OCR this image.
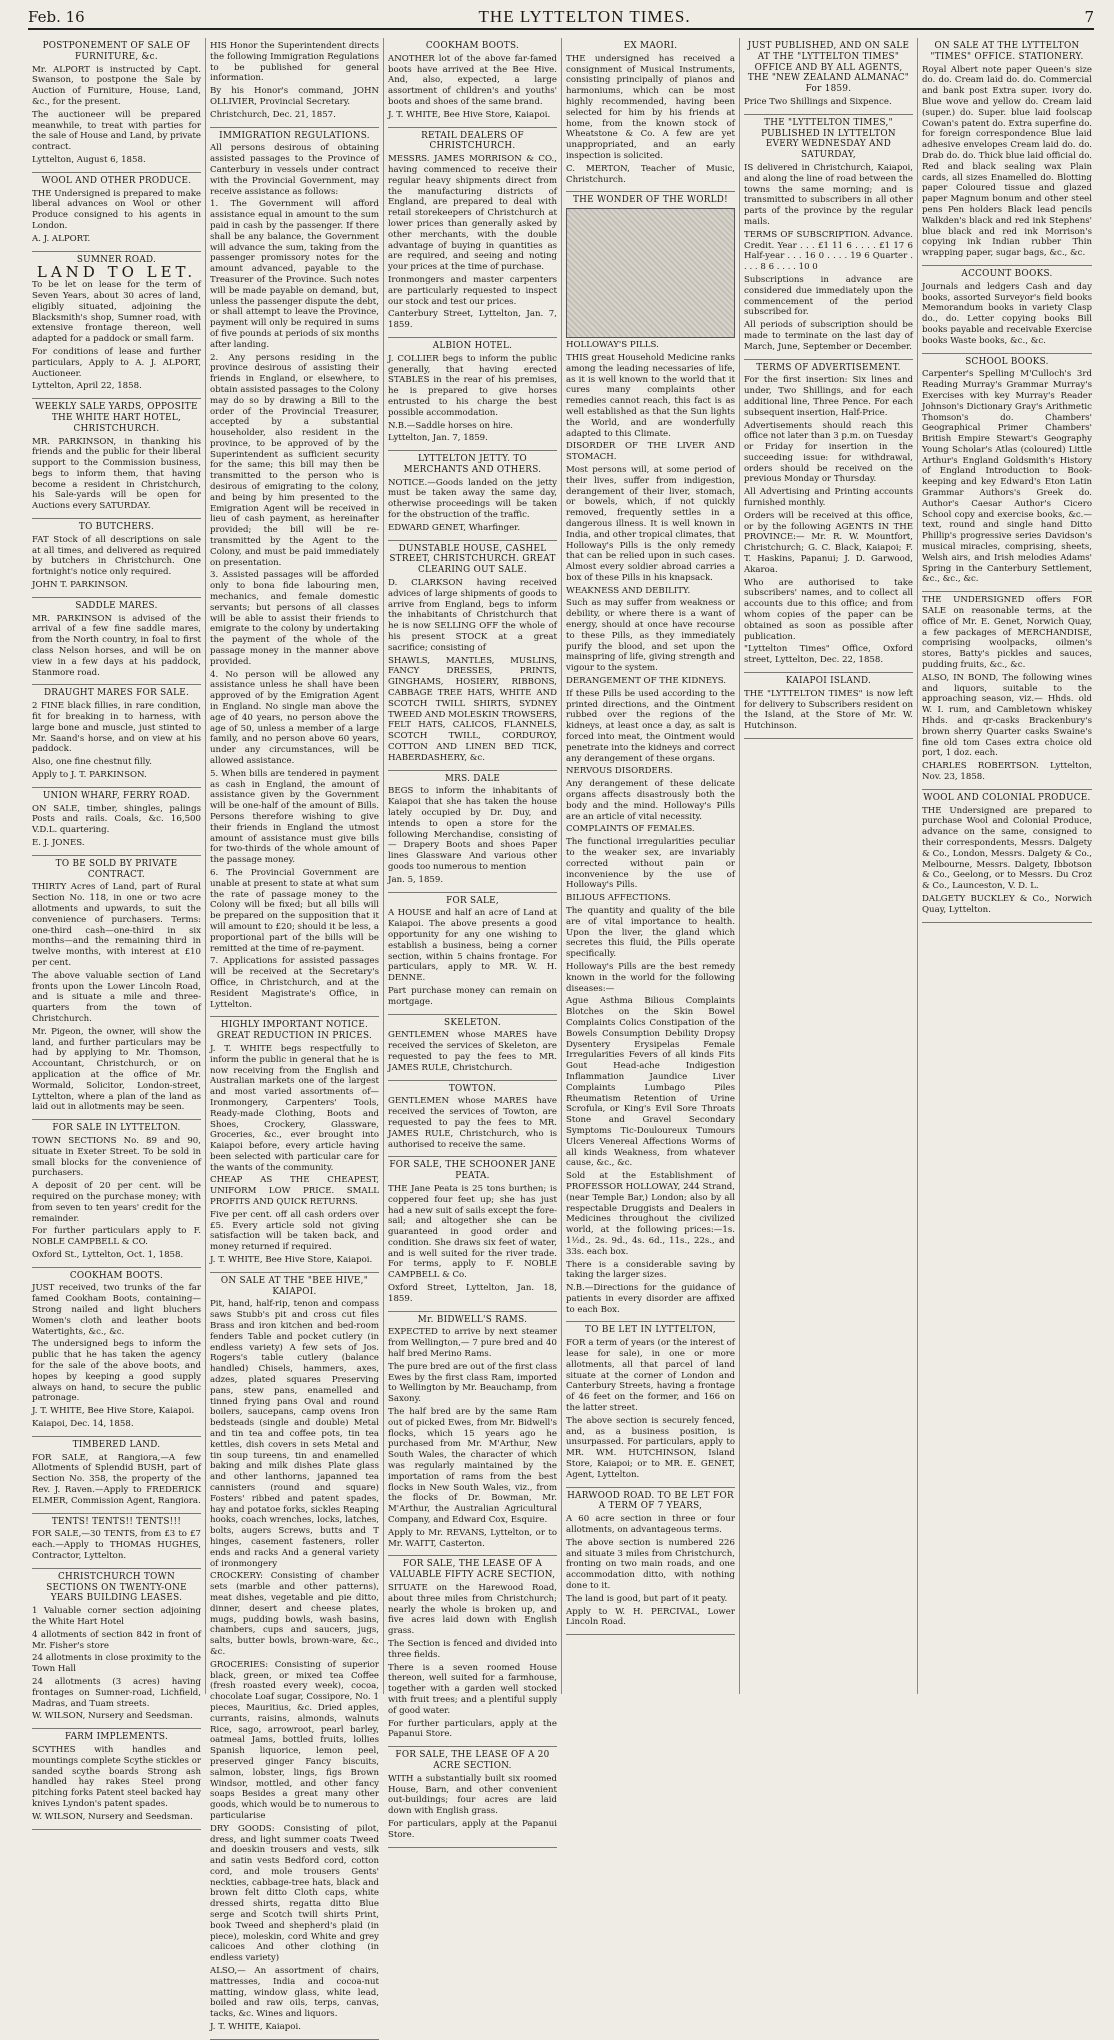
Feb. 16	THE LYTTELTON TIMES.	7
POSTPONEMENT OF SALE OF FURNITURE, &c.

Mr. ALPORT is instructed by Capt. Swanson, to postpone the Sale by Auction of Furniture, House, Land, &c., for the present.

The auctioneer will be prepared meanwhile, to treat with parties for the sale of House and Land, by private contract.

Lyttelton, August 6, 1858.

WOOL AND OTHER PRODUCE.

THE Undersigned is prepared to make liberal advances on Wool or other Produce consigned to his agents in London.

A. J. ALPORT.

SUMNER ROAD.

LAND TO LET.

To be let on lease for the term of Seven Years, about 30 acres of land, eligibly situated, adjoining the Blacksmith's shop, Sumner road, with extensive frontage thereon, well adapted for a paddock or small farm.

For conditions of lease and further particulars, Apply to A. J. ALPORT, Auctioneer.

Lyttelton, April 22, 1858.

WEEKLY SALE YARDS, OPPOSITE THE WHITE HART HOTEL, CHRISTCHURCH.

MR. PARKINSON, in thanking his friends and the public for their liberal support to the Commission business, begs to inform them, that having become a resident in Christchurch, his Sale-yards will be open for Auctions every SATURDAY.

TO BUTCHERS.

FAT Stock of all descriptions on sale at all times, and delivered as required by butchers in Christchurch. One fortnight's notice only required.

JOHN T. PARKINSON.

SADDLE MARES.

MR. PARKINSON is advised of the arrival of a few fine saddle mares, from the North country, in foal to first class Nelson horses, and will be on view in a few days at his paddock, Stanmore road.

DRAUGHT MARES FOR SALE.

2 FINE black fillies, in rare condition, fit for breaking in to harness, with large bone and muscle, just stinted to Mr. Saand's horse, and on view at his paddock.

Also, one fine chestnut filly.

Apply to J. T. PARKINSON.

UNION WHARF, FERRY ROAD.

ON SALE, timber, shingles, palings Posts and rails. Coals, &c. 16,500 V.D.L. quartering.

E. J. JONES.

TO BE SOLD BY PRIVATE CONTRACT.

THIRTY Acres of Land, part of Rural Section No. 118, in one or two acre allotments and upwards, to suit the convenience of purchasers. Terms: one-third cash—one-third in six months—and the remaining third in twelve months, with interest at £10 per cent.

The above valuable section of Land fronts upon the Lower Lincoln Road, and is situate a mile and three-quarters from the town of Christchurch.

Mr. Pigeon, the owner, will show the land, and further particulars may be had by applying to Mr. Thomson, Accountant, Christchurch, or on application at the office of Mr. Wormald, Solicitor, London-street, Lyttelton, where a plan of the land as laid out in allotments may be seen.

FOR SALE IN LYTTELTON.

TOWN SECTIONS No. 89 and 90, situate in Exeter Street. To be sold in small blocks for the convenience of purchasers.

A deposit of 20 per cent. will be required on the purchase money; with from seven to ten years' credit for the remainder.

For further particulars apply to F. NOBLE CAMPBELL & CO.

Oxford St., Lyttelton, Oct. 1, 1858.

COOKHAM BOOTS.

JUST received, two trunks of the far famed Cookham Boots, containing— Strong nailed and light bluchers Women's cloth and leather boots Watertights, &c., &c.

The undersigned begs to inform the public that he has taken the agency for the sale of the above boots, and hopes by keeping a good supply always on hand, to secure the public patronage.

J. T. WHITE, Bee Hive Store, Kaiapoi.

Kaiapoi, Dec. 14, 1858.

TIMBERED LAND.

FOR SALE, at Rangiora,—A few Allotments of Splendid BUSH, part of Section No. 358, the property of the Rev. J. Raven.—Apply to FREDERICK ELMER, Commission Agent, Rangiora.

TENTS! TENTS!! TENTS!!!

FOR SALE,—30 TENTS, from £3 to £7 each.—Apply to THOMAS HUGHES, Contractor, Lyttelton.

CHRISTCHURCH TOWN SECTIONS ON TWENTY-ONE YEARS BUILDING LEASES.

1 Valuable corner section adjoining the White Hart Hotel

4 allotments of section 842 in front of Mr. Fisher's store

24 allotments in close proximity to the Town Hall

24 allotments (3 acres) having frontages on Sumner-road, Lichfield, Madras, and Tuam streets.

W. WILSON, Nursery and Seedsman.

FARM IMPLEMENTS.

SCYTHES with handles and mountings complete Scythe stickles or sanded scythe boards Strong ash handled hay rakes Steel prong pitching forks Patent steel backed hay knives Lyndon's patent spades.

W. WILSON, Nursery and Seedsman.

HIS Honor the Superintendent directs the following Immigration Regulations to be published for general information.

By his Honor's command, JOHN OLLIVIER, Provincial Secretary.

Christchurch, Dec. 21, 1857.

IMMIGRATION REGULATIONS.

All persons desirous of obtaining assisted passages to the Province of Canterbury in vessels under contract with the Provincial Government, may receive assistance as follows:

1. The Government will afford assistance equal in amount to the sum paid in cash by the passenger. If there shall be any balance, the Government will advance the sum, taking from the passenger promissory notes for the amount advanced, payable to the Treasurer of the Province. Such notes will be made payable on demand, but, unless the passenger dispute the debt, or shall attempt to leave the Province, payment will only be required in sums of five pounds at periods of six months after landing.

2. Any persons residing in the province desirous of assisting their friends in England, or elsewhere, to obtain assisted passages to the Colony may do so by drawing a Bill to the order of the Provincial Treasurer, accepted by a substantial householder, also resident in the province, to be approved of by the Superintendent as sufficient security for the same; this bill may then be transmitted to the person who is desirous of emigrating to the colony, and being by him presented to the Emigration Agent will be received in lieu of cash payment, as hereinafter provided; the bill will be re-transmitted by the Agent to the Colony, and must be paid immediately on presentation.

3. Assisted passages will be afforded only to bona fide labouring men, mechanics, and female domestic servants; but persons of all classes will be able to assist their friends to emigrate to the colony by undertaking the payment of the whole of the passage money in the manner above provided.

4. No person will be allowed any assistance unless he shall have been approved of by the Emigration Agent in England. No single man above the age of 40 years, no person above the age of 50, unless a member of a large family, and no person above 60 years, under any circumstances, will be allowed assistance.

5. When bills are tendered in payment as cash in England, the amount of assistance given by the Government will be one-half of the amount of Bills. Persons therefore wishing to give their friends in England the utmost amount of assistance must give bills for two-thirds of the whole amount of the passage money.

6. The Provincial Government are unable at present to state at what sum the rate of passage money to the Colony will be fixed; but all bills will be prepared on the supposition that it will amount to £20; should it be less, a proportional part of the bills will be remitted at the time of re-payment.

7. Applications for assisted passages will be received at the Secretary's Office, in Christchurch, and at the Resident Magistrate's Office, in Lyttelton.

HIGHLY IMPORTANT NOTICE. GREAT REDUCTION IN PRICES.

J. T. WHITE begs respectfully to inform the public in general that he is now receiving from the English and Australian markets one of the largest and most varied assortments of— Ironmongery, Carpenters' Tools, Ready-made Clothing, Boots and Shoes, Crockery, Glassware, Groceries, &c., ever brought into Kaiapoi before, every article having been selected with particular care for the wants of the community.

CHEAP AS THE CHEAPEST, UNIFORM LOW PRICE. SMALL PROFITS AND QUICK RETURNS.

Five per cent. off all cash orders over £5. Every article sold not giving satisfaction will be taken back, and money returned if required.

J. T. WHITE, Bee Hive Store, Kaiapoi.

ON SALE AT THE "BEE HIVE," KAIAPOI.

Pit, hand, half-rip, tenon and compass saws Stubb's pit and cross cut files Brass and iron kitchen and bed-room fenders Table and pocket cutlery (in endless variety) A few sets of Jos. Rogers's table cutlery (balance handled) Chisels, hammers, axes, adzes, plated squares Preserving pans, stew pans, enamelled and tinned frying pans Oval and round boilers, saucepans, camp ovens Iron bedsteads (single and double) Metal and tin tea and coffee pots, tin tea kettles, dish covers in sets Metal and tin soup tureens, tin and enamelled baking and milk dishes Plate glass and other lanthorns, japanned tea cannisters (round and square) Fosters' ribbed and patent spades, hay and potatoe forks, sickles Reaping hooks, coach wrenches, locks, latches, bolts, augers Screws, butts and T hinges, casement fasteners, roller ends and racks And a general variety of ironmongery

CROCKERY: Consisting of chamber sets (marble and other patterns), meat dishes, vegetable and pie ditto, dinner, desert and cheese plates, mugs, pudding bowls, wash basins, chambers, cups and saucers, jugs, salts, butter bowls, brown-ware, &c., &c.

GROCERIES: Consisting of superior black, green, or mixed tea Coffee (fresh roasted every week), cocoa, chocolate Loaf sugar, Cossipore, No. 1 pieces, Mauritius, &c. Dried apples, currants, raisins, almonds, walnuts Rice, sago, arrowroot, pearl barley, oatmeal Jams, bottled fruits, lollies Spanish liquorice, lemon peel, preserved ginger Fancy biscuits, salmon, lobster, lings, figs Brown Windsor, mottled, and other fancy soaps Besides a great many other goods, which would be to numerous to particularise

DRY GOODS: Consisting of pilot, dress, and light summer coats Tweed and doeskin trousers and vests, silk and satin vests Bedford cord, cotton cord, and mole trousers Gents' neckties, cabbage-tree hats, black and brown felt ditto Cloth caps, white dressed shirts, regatta ditto Blue serge and Scotch twill shirts Print, book Tweed and shepherd's plaid (in piece), moleskin, cord White and grey calicoes And other clothing (in endless variety)

ALSO,— An assortment of chairs, mattresses, India and cocoa-nut matting, window glass, white lead, boiled and raw oils, terps, canvas, tacks, &c. Wines and liquors.

J. T. WHITE, Kaiapoi.

COOKHAM BOOTS.

ANOTHER lot of the above far-famed boots have arrived at the Bee Hive. And, also, expected, a large assortment of children's and youths' boots and shoes of the same brand.

J. T. WHITE, Bee Hive Store, Kaiapoi.

RETAIL DEALERS OF CHRISTCHURCH.

MESSRS. JAMES MORRISON & CO., having commenced to receive their regular heavy shipments direct from the manufacturing districts of England, are prepared to deal with retail storekeepers of Christchurch at lower prices than generally asked by other merchants, with the double advantage of buying in quantities as are required, and seeing and noting your prices at the time of purchase.

Ironmongers and master carpenters are particularly requested to inspect our stock and test our prices.

Canterbury Street, Lyttelton, Jan. 7, 1859.

ALBION HOTEL.

J. COLLIER begs to inform the public generally, that having erected STABLES in the rear of his premises, he is prepared to give horses entrusted to his charge the best possible accommodation.

N.B.—Saddle horses on hire.

Lyttelton, Jan. 7, 1859.

LYTTELTON JETTY. TO MERCHANTS AND OTHERS.

NOTICE.—Goods landed on the jetty must be taken away the same day, otherwise proceedings will be taken for the obstruction of the traffic.

EDWARD GENET, Wharfinger.

DUNSTABLE HOUSE, CASHEL STREET, CHRISTCHURCH. GREAT CLEARING OUT SALE.

D. CLARKSON having received advices of large shipments of goods to arrive from England, begs to inform the inhabitants of Christchurch that he is now SELLING OFF the whole of his present STOCK at a great sacrifice; consisting of

SHAWLS, MANTLES, MUSLINS, FANCY DRESSES, PRINTS, GINGHAMS, HOSIERY, RIBBONS, CABBAGE TREE HATS, WHITE AND SCOTCH TWILL SHIRTS, SYDNEY TWEED AND MOLESKIN TROWSERS, FELT HATS, CALICOS, FLANNELS, SCOTCH TWILL, CORDUROY, COTTON AND LINEN BED TICK, HABERDASHERY, &c.

MRS. DALE

BEGS to inform the inhabitants of Kaiapoi that she has taken the house lately occupied by Dr. Duy, and intends to open a store for the following Merchandise, consisting of— Drapery Boots and shoes Paper lines Glassware And various other goods too numerous to mention

Jan. 5, 1859.

FOR SALE,

A HOUSE and half an acre of Land at Kaiapoi. The above presents a good opportunity for any one wishing to establish a business, being a corner section, within 5 chains frontage. For particulars, apply to MR. W. H. DENNE.

Part purchase money can remain on mortgage.

SKELETON.

GENTLEMEN whose MARES have received the services of Skeleton, are requested to pay the fees to MR. JAMES RULE, Christchurch.

TOWTON.

GENTLEMEN whose MARES have received the services of Towton, are requested to pay the fees to MR. JAMES RULE, Christchurch, who is authorised to receive the same.

FOR SALE, THE SCHOONER JANE PEATA.

THE Jane Peata is 25 tons burthen; is coppered four feet up; she has just had a new suit of sails except the fore-sail; and altogether she can be guaranteed in good order and condition. She draws six feet of water, and is well suited for the river trade. For terms, apply to F. NOBLE CAMPBELL & Co.

Oxford Street, Lyttelton, Jan. 18, 1859.

Mr. BIDWELL'S RAMS.

EXPECTED to arrive by next steamer from Wellington,— 7 pure bred and 40 half bred Merino Rams.

The pure bred are out of the first class Ewes by the first class Ram, imported to Wellington by Mr. Beauchamp, from Saxony.

The half bred are by the same Ram out of picked Ewes, from Mr. Bidwell's flocks, which 15 years ago he purchased from Mr. M'Arthur, New South Wales, the character of which was regularly maintained by the importation of rams from the best flocks in New South Wales, viz., from the flocks of Dr. Bowman, Mr. M'Arthur, the Australian Agricultural Company, and Edward Cox, Esquire.

Apply to Mr. REVANS, Lyttelton, or to Mr. WAITT, Casterton.

FOR SALE, THE LEASE OF A VALUABLE FIFTY ACRE SECTION,

SITUATE on the Harewood Road, about three miles from Christchurch; nearly the whole is broken up, and five acres laid down with English grass.

The Section is fenced and divided into three fields.

There is a seven roomed House thereon, well suited for a farmhouse, together with a garden well stocked with fruit trees; and a plentiful supply of good water.

For further particulars, apply at the Papanui Store.

FOR SALE, THE LEASE OF A 20 ACRE SECTION.

WITH a substantially built six roomed House, Barn, and other convenient out-buildings; four acres are laid down with English grass.

For particulars, apply at the Papanui Store.

EX MAORI.

THE undersigned has received a consignment of Musical Instruments, consisting principally of pianos and harmoniums, which can be most highly recommended, having been selected for him by his friends at home, from the known stock of Wheatstone & Co. A few are yet unappropriated, and an early inspection is solicited.

C. MERTON, Teacher of Music, Christchurch.

THE WONDER OF THE WORLD!

HOLLOWAY'S PILLS.

THIS great Household Medicine ranks among the leading necessaries of life, as it is well known to the world that it cures many complaints other remedies cannot reach, this fact is as well established as that the Sun lights the World, and are wonderfully adapted to this Climate.

DISORDER OF THE LIVER AND STOMACH.

Most persons will, at some period of their lives, suffer from indigestion, derangement of their liver, stomach, or bowels, which, if not quickly removed, frequently settles in a dangerous illness. It is well known in India, and other tropical climates, that Holloway's Pills is the only remedy that can be relied upon in such cases. Almost every soldier abroad carries a box of these Pills in his knapsack.

WEAKNESS AND DEBILITY.

Such as may suffer from weakness or debility, or where there is a want of energy, should at once have recourse to these Pills, as they immediately purify the blood, and set upon the mainspring of life, giving strength and vigour to the system.

DERANGEMENT OF THE KIDNEYS.

If these Pills be used according to the printed directions, and the Ointment rubbed over the regions of the kidneys, at least once a day, as salt is forced into meat, the Ointment would penetrate into the kidneys and correct any derangement of these organs.

NERVOUS DISORDERS.

Any derangement of these delicate organs affects disastrously both the body and the mind. Holloway's Pills are an article of vital necessity.

COMPLAINTS OF FEMALES.

The functional irregularities peculiar to the weaker sex, are invariably corrected without pain or inconvenience by the use of Holloway's Pills.

BILIOUS AFFECTIONS.

The quantity and quality of the bile are of vital importance to health. Upon the liver, the gland which secretes this fluid, the Pills operate specifically.

Holloway's Pills are the best remedy known in the world for the following diseases:—

Ague Asthma Bilious Complaints Blotches on the Skin Bowel Complaints Colics Constipation of the Bowels Consumption Debility Dropsy Dysentery Erysipelas Female Irregularities Fevers of all kinds Fits Gout Head-ache Indigestion Inflammation Jaundice Liver Complaints Lumbago Piles Rheumatism Retention of Urine Scrofula, or King's Evil Sore Throats Stone and Gravel Secondary Symptoms Tic-Douloureux Tumours Ulcers Venereal Affections Worms of all kinds Weakness, from whatever cause, &c., &c.

Sold at the Establishment of PROFESSOR HOLLOWAY, 244 Strand, (near Temple Bar,) London; also by all respectable Druggists and Dealers in Medicines throughout the civilized world, at the following prices:—1s. 1½d., 2s. 9d., 4s. 6d., 11s., 22s., and 33s. each box.

There is a considerable saving by taking the larger sizes.

N.B.—Directions for the guidance of patients in every disorder are affixed to each Box.

TO BE LET IN LYTTELTON,

FOR a term of years (or the interest of lease for sale), in one or more allotments, all that parcel of land situate at the corner of London and Canterbury Streets, having a frontage of 46 feet on the former, and 166 on the latter street.

The above section is securely fenced, and, as a business position, is unsurpassed. For particulars, apply to MR. WM. HUTCHINSON, Island Store, Kaiapoi; or to MR. E. GENET, Agent, Lyttelton.

HARWOOD ROAD. TO BE LET FOR A TERM OF 7 YEARS,

A 60 acre section in three or four allotments, on advantageous terms.

The above section is numbered 226 and situate 3 miles from Christchurch, fronting on two main roads, and one accommodation ditto, with nothing done to it.

The land is good, but part of it peaty.

Apply to W. H. PERCIVAL, Lower Lincoln Road.

JUST PUBLISHED, AND ON SALE AT THE "LYTTELTON TIMES" OFFICE AND BY ALL AGENTS, THE "NEW ZEALAND ALMANAC" For 1859.

Price Two Shillings and Sixpence.

THE "LYTTELTON TIMES," PUBLISHED IN LYTTELTON EVERY WEDNESDAY AND SATURDAY,

IS delivered in Christchurch, Kaiapoi, and along the line of road between the towns the same morning; and is transmitted to subscribers in all other parts of the province by the regular mails.

TERMS OF SUBSCRIPTION. Advance. Credit. Year . . . £1 11 6 . . . . £1 17 6 Half-year . . . 16 0 . . . . 19 6 Quarter . . . . 8 6 . . . . 10 0

Subscriptions in advance are considered due immediately upon the commencement of the period subscribed for.

All periods of subscription should be made to terminate on the last day of March, June, September or December.

TERMS OF ADVERTISEMENT.

For the first insertion: Six lines and under, Two Shillings, and for each additional line, Three Pence. For each subsequent insertion, Half-Price.

Advertisements should reach this office not later than 3 p.m. on Tuesday or Friday for insertion in the succeeding issue: for withdrawal, orders should be received on the previous Monday or Thursday.

All Advertising and Printing accounts furnished monthly.

Orders will be received at this office, or by the following AGENTS IN THE PROVINCE:— Mr. R. W. Mountfort, Christchurch; G. C. Black, Kaiapoi; F. T. Haskins, Papanui; J. D. Garwood, Akaroa.

Who are authorised to take subscribers' names, and to collect all accounts due to this office; and from whom copies of the paper can be obtained as soon as possible after publication.

"Lyttelton Times" Office, Oxford street, Lyttelton, Dec. 22, 1858.

KAIAPOI ISLAND.

THE "LYTTELTON TIMES" is now left for delivery to Subscribers resident on the Island, at the Store of Mr. W. Hutchinson.

ON SALE AT THE LYTTELTON "TIMES" OFFICE. STATIONERY.

Royal Albert note paper Queen's size do. do. Cream laid do. do. Commercial and bank post Extra super. ivory do. Blue wove and yellow do. Cream laid (super.) do. Super. blue laid foolscap Cowan's patent do. Extra superfine do. for foreign correspondence Blue laid adhesive envelopes Cream laid do. do. Drab do. do. Thick blue laid official do. Red and black sealing wax Plain cards, all sizes Enamelled do. Blotting paper Coloured tissue and glazed paper Magnum bonum and other steel pens Pen holders Black lead pencils Walkden's black and red ink Stephens' blue black and red ink Morrison's copying ink Indian rubber Thin wrapping paper, sugar bags, &c., &c.

ACCOUNT BOOKS.

Journals and ledgers Cash and day books, assorted Surveyor's field books Memorandum books in variety Clasp do., do. Letter copying books Bill books payable and receivable Exercise books Waste books, &c., &c.

SCHOOL BOOKS.

Carpenter's Spelling M'Culloch's 3rd Reading Murray's Grammar Murray's Exercises with key Murray's Reader Johnson's Dictionary Gray's Arithmetic Thomson's do. Chambers' Geographical Primer Chambers' British Empire Stewart's Geography Young Scholar's Atlas (coloured) Little Arthur's England Goldsmith's History of England Introduction to Book-keeping and key Edward's Eton Latin Grammar Authors's Greek do. Author's Caesar Author's Cicero School copy and exercise books, &c.—text, round and single hand Ditto Phillip's progressive series Davidson's musical miracles, comprising, sheets, Welsh airs, and Irish melodies Adams' Spring in the Canterbury Settlement, &c., &c., &c.

THE UNDERSIGNED offers FOR SALE on reasonable terms, at the office of Mr. E. Genet, Norwich Quay, a few packages of MERCHANDISE, comprising woolpacks, oilmen's stores, Batty's pickles and sauces, pudding fruits, &c., &c.

ALSO, IN BOND, The following wines and liquors, suitable to the approaching season, viz.— Hhds. old W. I. rum, and Cambletown whiskey Hhds. and qr-casks Brackenbury's brown sherry Quarter casks Swaine's fine old tom Cases extra choice old port, 1 doz. each.

CHARLES ROBERTSON. Lyttelton, Nov. 23, 1858.

WOOL AND COLONIAL PRODUCE.

THE Undersigned are prepared to purchase Wool and Colonial Produce, advance on the same, consigned to their correspondents, Messrs. Dalgety & Co., London, Messrs. Dalgety & Co., Melbourne, Messrs. Dalgety, Ibbotson & Co., Geelong, or to Messrs. Du Croz & Co., Launceston, V. D. L.

DALGETY BUCKLEY & Co., Norwich Quay, Lyttelton.
